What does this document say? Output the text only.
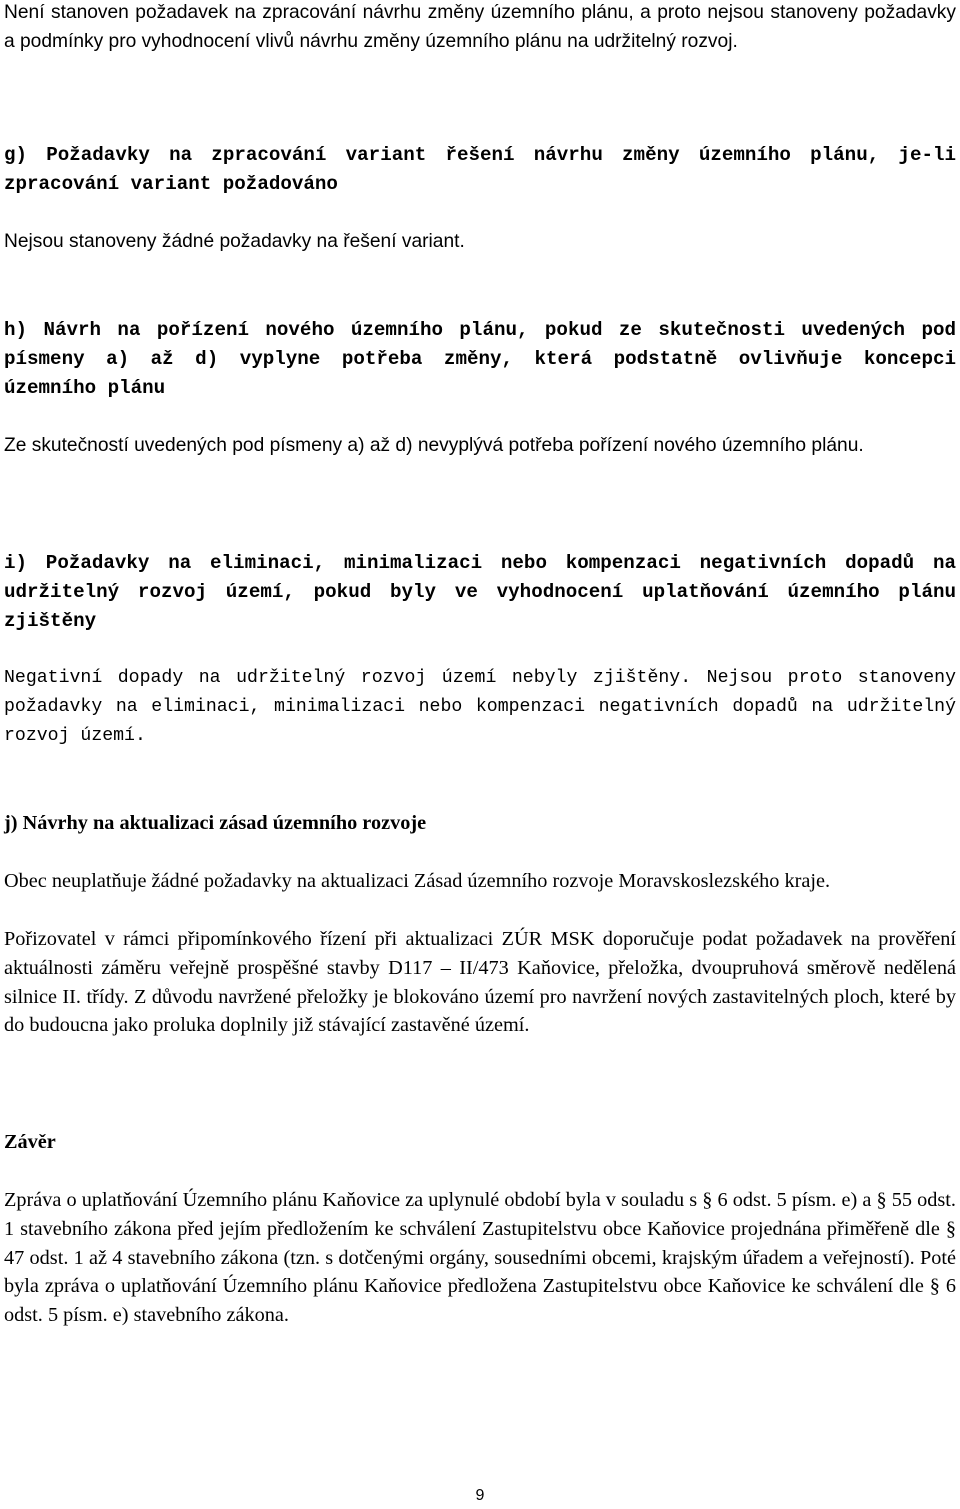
Není stanoven požadavek na zpracování návrhu změny územního plánu, a proto nejsou stanoveny požadavky a podmínky pro vyhodnocení vlivů návrhu změny územního plánu na udržitelný rozvoj.

g) Požadavky na zpracování variant řešení návrhu změny územního plánu, je-li zpracování variant požadováno

Nejsou stanoveny žádné požadavky na řešení variant.

h) Návrh na pořízení nového územního plánu, pokud ze skutečnosti uvedených pod písmeny a) až d) vyplyne potřeba změny, která podstatně ovlivňuje koncepci územního plánu

Ze skutečností uvedených pod písmeny a) až d) nevyplývá potřeba pořízení nového územního plánu.

i) Požadavky na eliminaci, minimalizaci nebo kompenzaci negativních dopadů na udržitelný rozvoj území, pokud byly ve vyhodnocení uplatňování územního plánu zjištěny

Negativní dopady na udržitelný rozvoj území nebyly zjištěny. Nejsou proto stanoveny požadavky na eliminaci, minimalizaci nebo kompenzaci negativních dopadů na udržitelný rozvoj území.

j) Návrhy na aktualizaci zásad územního rozvoje

Obec neuplatňuje žádné požadavky na aktualizaci Zásad územního rozvoje Moravskoslezského kraje.

Pořizovatel v rámci připomínkového řízení při aktualizaci ZÚR MSK doporučuje podat požadavek na prověření aktuálnosti záměru veřejně prospěšné stavby D117 – II/473 Kaňovice, přeložka, dvoupruhová směrově nedělená silnice II. třídy. Z důvodu navržené přeložky je blokováno území pro navržení nových zastavitelných ploch, které by do budoucna jako proluka doplnily již stávající zastavěné území.

Závěr

Zpráva o uplatňování Územního plánu Kaňovice za uplynulé období byla v souladu s § 6 odst. 5 písm. e) a § 55 odst. 1 stavebního zákona před jejím předložením ke schválení Zastupitelstvu obce Kaňovice projednána přiměřeně dle § 47 odst. 1 až 4 stavebního zákona (tzn. s dotčenými orgány, sousedními obcemi, krajským úřadem a veřejností). Poté byla zpráva o uplatňování Územního plánu Kaňovice předložena Zastupitelstvu obce Kaňovice ke schválení dle § 6 odst. 5 písm. e) stavebního zákona.

9
